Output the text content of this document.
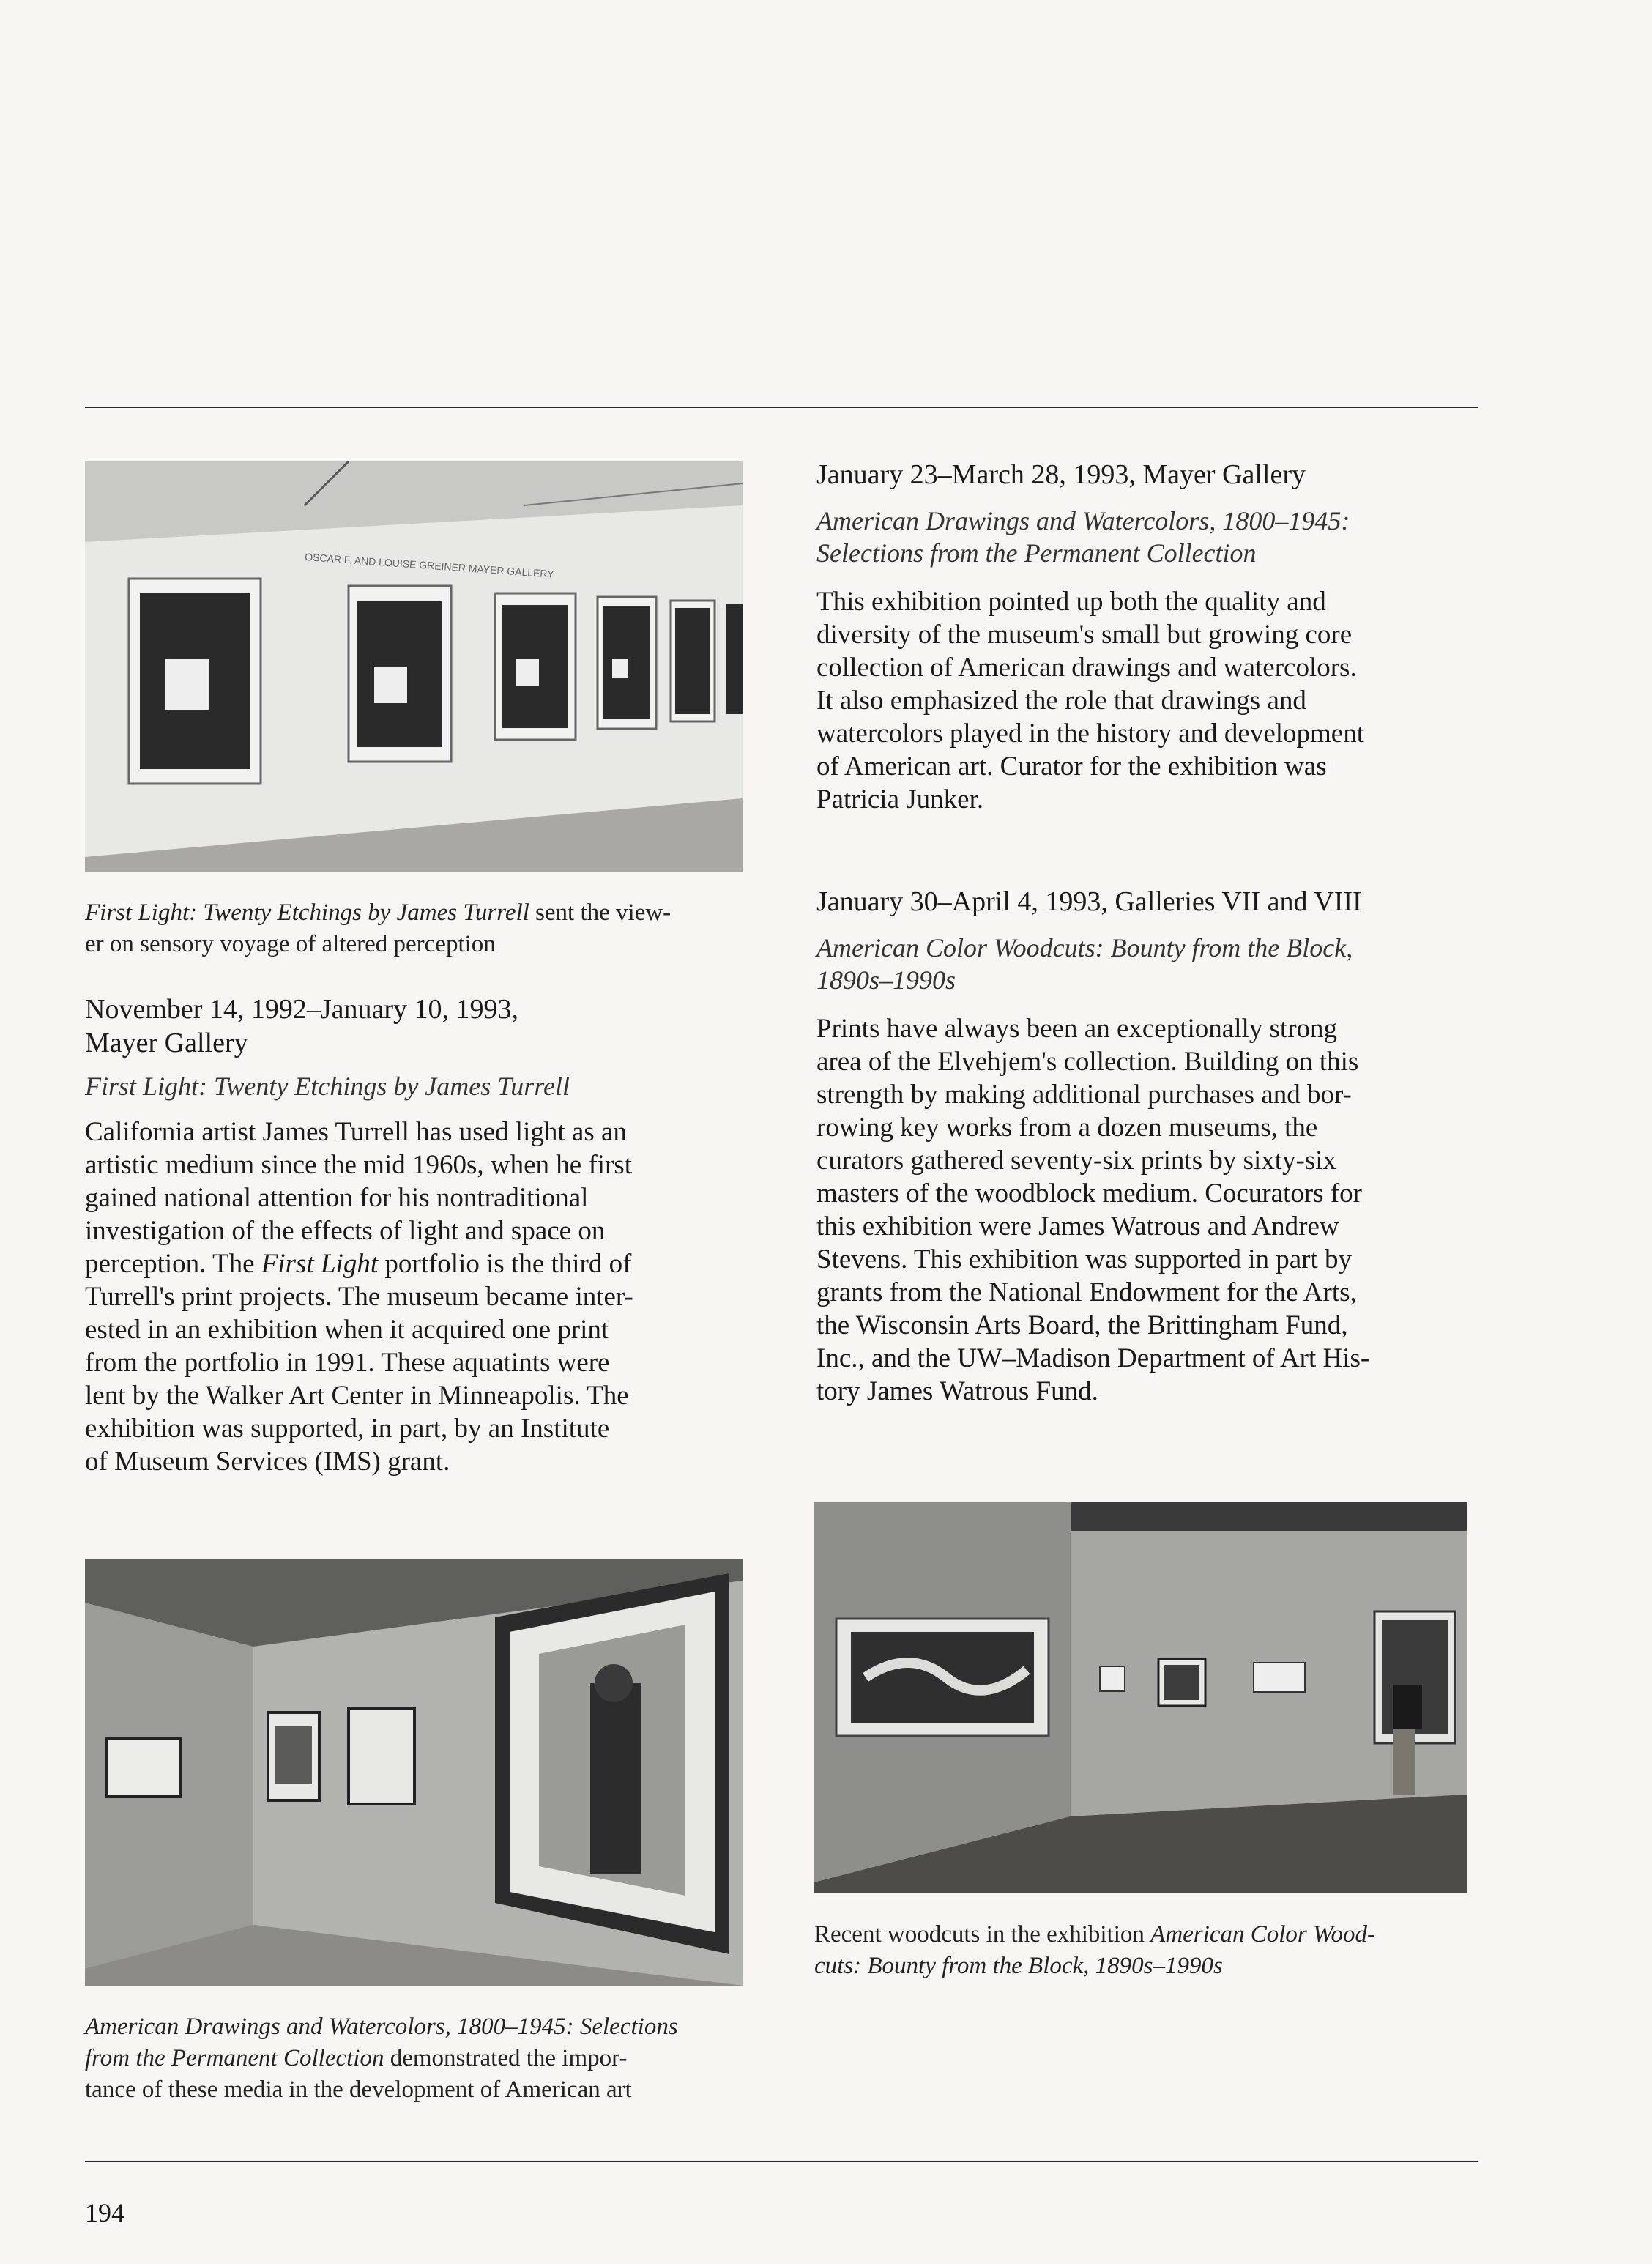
OSCAR F. AND LOUISE GREINER MAYER GALLERY
First Light: Twenty Etchings by James Turrell sent the view-
er on sensory voyage of altered perception

November 14, 1992–January 10, 1993,

Mayer Gallery

First Light: Twenty Etchings by James Turrell

California artist James Turrell has used light as an

artistic medium since the mid 1960s, when he first

gained national attention for his nontraditional

investigation of the effects of light and space on

perception. The First Light portfolio is the third of

Turrell's print projects. The museum became inter-

ested in an exhibition when it acquired one print

from the portfolio in 1991. These aquatints were

lent by the Walker Art Center in Minneapolis. The

exhibition was supported, in part, by an Institute

of Museum Services (IMS) grant.

January 23–March 28, 1993, Mayer Gallery

American Drawings and Watercolors, 1800–1945:

Selections from the Permanent Collection

This exhibition pointed up both the quality and

diversity of the museum's small but growing core

collection of American drawings and watercolors.

It also emphasized the role that drawings and

watercolors played in the history and development

of American art. Curator for the exhibition was

Patricia Junker.

January 30–April 4, 1993, Galleries VII and VIII

American Color Woodcuts: Bounty from the Block,

1890s–1990s

Prints have always been an exceptionally strong

area of the Elvehjem's collection. Building on this

strength by making additional purchases and bor-

rowing key works from a dozen museums, the

curators gathered seventy-six prints by sixty-six

masters of the woodblock medium. Cocurators for

this exhibition were James Watrous and Andrew

Stevens. This exhibition was supported in part by

grants from the National Endowment for the Arts,

the Wisconsin Arts Board, the Brittingham Fund,

Inc., and the UW–Madison Department of Art His-

tory James Watrous Fund.

Recent woodcuts in the exhibition American Color Wood-
cuts: Bounty from the Block, 1890s–1990s
American Drawings and Watercolors, 1800–1945: Selections
from the Permanent Collection demonstrated the impor-
tance of these media in the development of American art
194
